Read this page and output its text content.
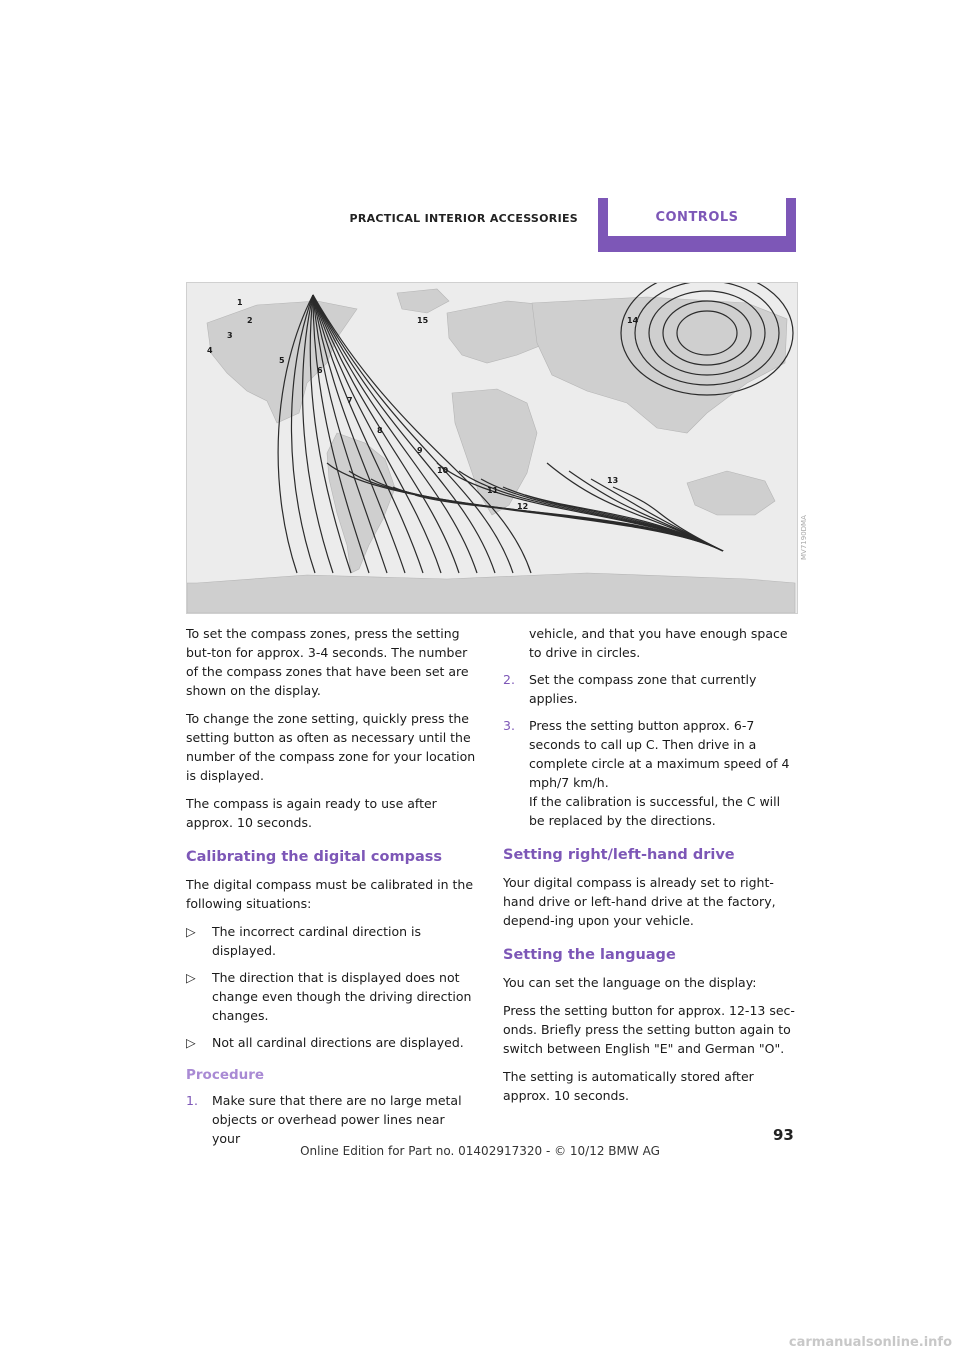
PRACTICAL INTERIOR ACCESSORIES	CONTROLS
1
2
3
4
5
6
7
8
9
10
11
12
13
14
15
MV7190DMA

To set the compass zones, press the setting but-ton for approx. 3-4 seconds. The number of the compass zones that have been set are shown on the display.

To change the zone setting, quickly press the setting button as often as necessary until the number of the compass zone for your location is displayed.

The compass is again ready to use after approx. 10 seconds.

Calibrating the digital compass

The digital compass must be calibrated in the following situations:

▷ The incorrect cardinal direction is displayed.
▷ The direction that is displayed does not change even though the driving direction changes.
▷ Not all cardinal directions are displayed.
Procedure
1. Make sure that there are no large metal objects or overhead power lines near your
vehicle, and that you have enough space to drive in circles.
2. Set the compass zone that currently applies.
3. Press the setting button approx. 6-7 seconds to call up C. Then drive in a complete circle at a maximum speed of 4 mph/7 km/h.
If the calibration is successful, the C will be replaced by the directions.
Setting right/left-hand drive

Your digital compass is already set to right-hand drive or left-hand drive at the factory, depend-ing upon your vehicle.

Setting the language

You can set the language on the display:

Press the setting button for approx. 12-13 sec-onds. Briefly press the setting button again to switch between English "E" and German "O".

The setting is automatically stored after approx. 10 seconds.

93
Online Edition for Part no. 01402917320 - © 10/12 BMW AG
carmanualsonline.info
